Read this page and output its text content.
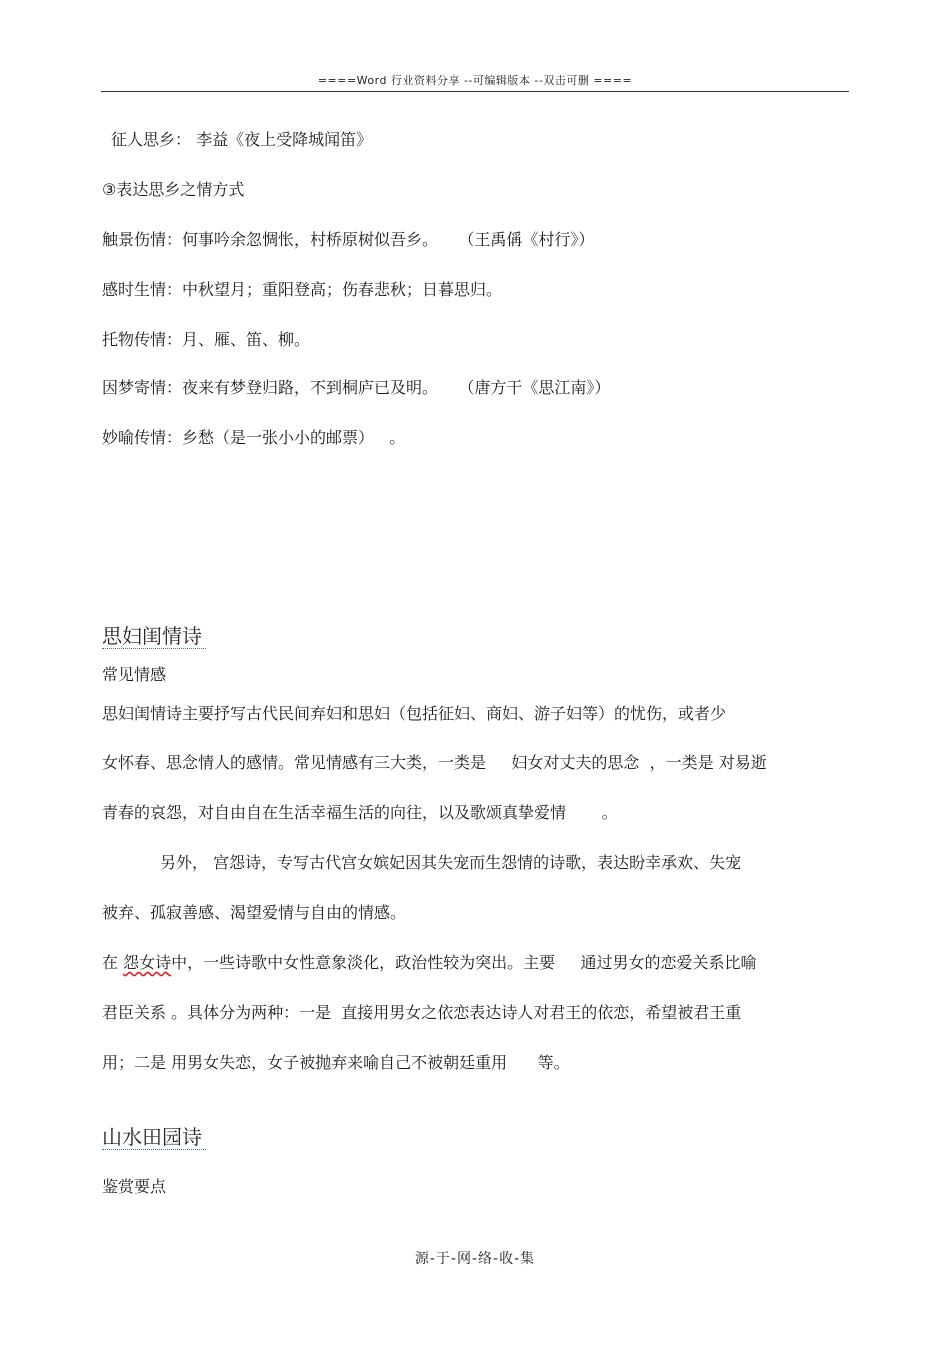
====Word 行业资料分享 --可编辑版本 --双击可删 ====
征人思乡： 李益《夜上受降城闻笛》
③表达思乡之情方式
触景伤情：何事吟余忽惆怅，村桥原树似吾乡。    （王禹偁《村行》）
感时生情：中秋望月；重阳登高；伤春悲秋；日暮思归。
托物传情：月、雁、笛、柳。
因梦寄情：夜来有梦登归路，不到桐庐已及明。    （唐方干《思江南》）
妙喻传情：乡愁（是一张小小的邮票）   。
思妇闺情诗
常见情感
思妇闺情诗主要抒写古代民间弃妇和思妇（包括征妇、商妇、游子妇等）的忧伤，或者少
女怀春、思念情人的感情。常见情感有三大类，一类是     妇女对丈夫的思念  ，一类是 对易逝
青春的哀怨，对自由自在生活幸福生活的向往，以及歌颂真挚爱情       。
另外， 宫怨诗，专写古代宫女嫔妃因其失宠而生怨情的诗歌，表达盼幸承欢、失宠
被弃、孤寂善感、渴望爱情与自由的情感。
在 怨女诗中，一些诗歌中女性意象淡化，政治性较为突出。主要     通过男女的恋爱关系比喻
君臣关系 。具体分为两种：一是  直接用男女之依恋表达诗人对君王的依恋，希望被君王重
用；二是 用男女失恋，女子被抛弃来喻自己不被朝廷重用      等。
山水田园诗
鉴赏要点
源-于-网-络-收-集
